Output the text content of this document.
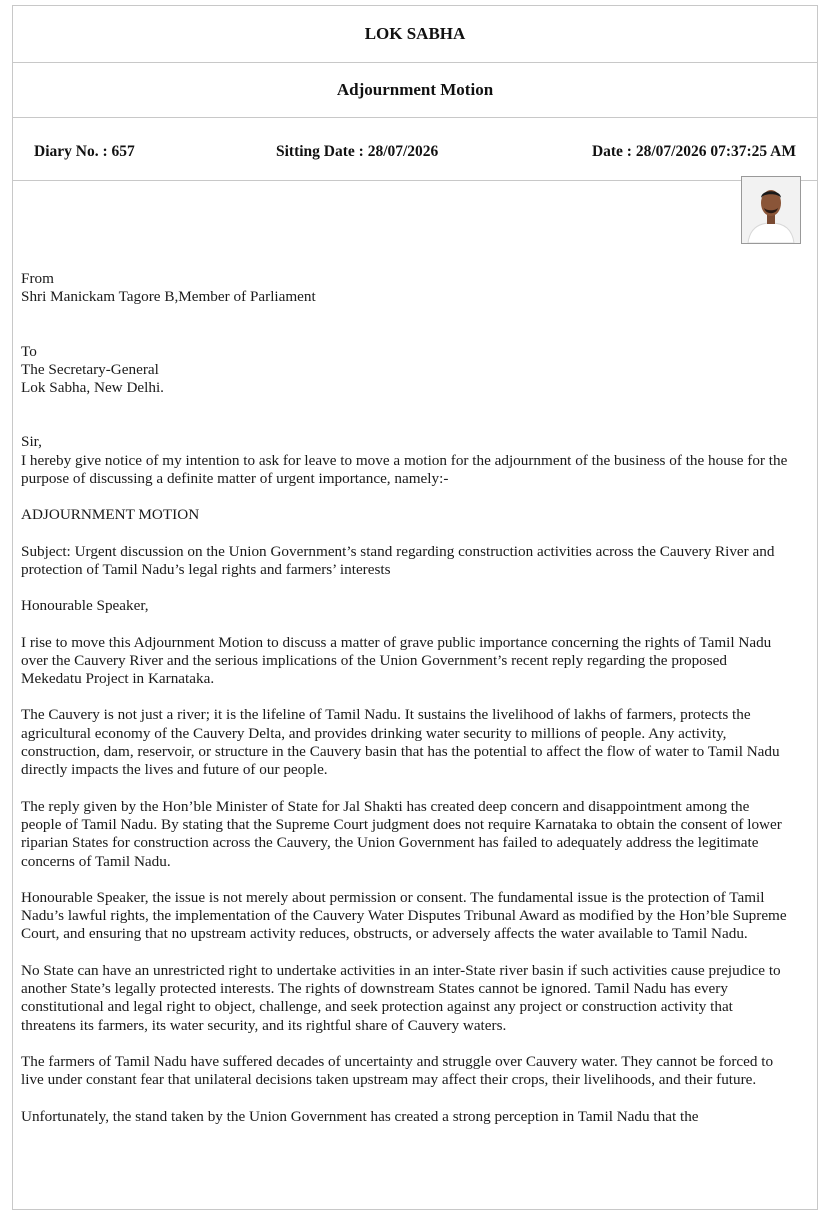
LOK SABHA
Adjournment Motion
Diary No. : 657	Sitting Date : 28/07/2026	Date : 28/07/2026 07:37:25 AM

From

Shri Manickam Tagore B,Member of Parliament

To

The Secretary-General

Lok Sabha, New Delhi.

Sir,

I hereby give notice of my intention to ask for leave to move a motion for the adjournment of the business of the house for the purpose of discussing a definite matter of urgent importance, namely:-

ADJOURNMENT MOTION

Subject: Urgent discussion on the Union Government’s stand regarding construction activities across the Cauvery River and protection of Tamil Nadu’s legal rights and farmers’ interests

Honourable Speaker,

I rise to move this Adjournment Motion to discuss a matter of grave public importance concerning the rights of Tamil Nadu over the Cauvery River and the serious implications of the Union Government’s recent reply regarding the proposed Mekedatu Project in Karnataka.

The Cauvery is not just a river; it is the lifeline of Tamil Nadu. It sustains the livelihood of lakhs of farmers, protects the agricultural economy of the Cauvery Delta, and provides drinking water security to millions of people. Any activity, construction, dam, reservoir, or structure in the Cauvery basin that has the potential to affect the flow of water to Tamil Nadu directly impacts the lives and future of our people.

The reply given by the Hon’ble Minister of State for Jal Shakti has created deep concern and disappointment among the people of Tamil Nadu. By stating that the Supreme Court judgment does not require Karnataka to obtain the consent of lower riparian States for construction across the Cauvery, the Union Government has failed to adequately address the legitimate concerns of Tamil Nadu.

Honourable Speaker, the issue is not merely about permission or consent. The fundamental issue is the protection of Tamil Nadu’s lawful rights, the implementation of the Cauvery Water Disputes Tribunal Award as modified by the Hon’ble Supreme Court, and ensuring that no upstream activity reduces, obstructs, or adversely affects the water available to Tamil Nadu.

No State can have an unrestricted right to undertake activities in an inter-State river basin if such activities cause prejudice to another State’s legally protected interests. The rights of downstream States cannot be ignored. Tamil Nadu has every constitutional and legal right to object, challenge, and seek protection against any project or construction activity that threatens its farmers, its water security, and its rightful share of Cauvery waters.

The farmers of Tamil Nadu have suffered decades of uncertainty and struggle over Cauvery water. They cannot be forced to live under constant fear that unilateral decisions taken upstream may affect their crops, their livelihoods, and their future.

Unfortunately, the stand taken by the Union Government has created a strong perception in Tamil Nadu that the
